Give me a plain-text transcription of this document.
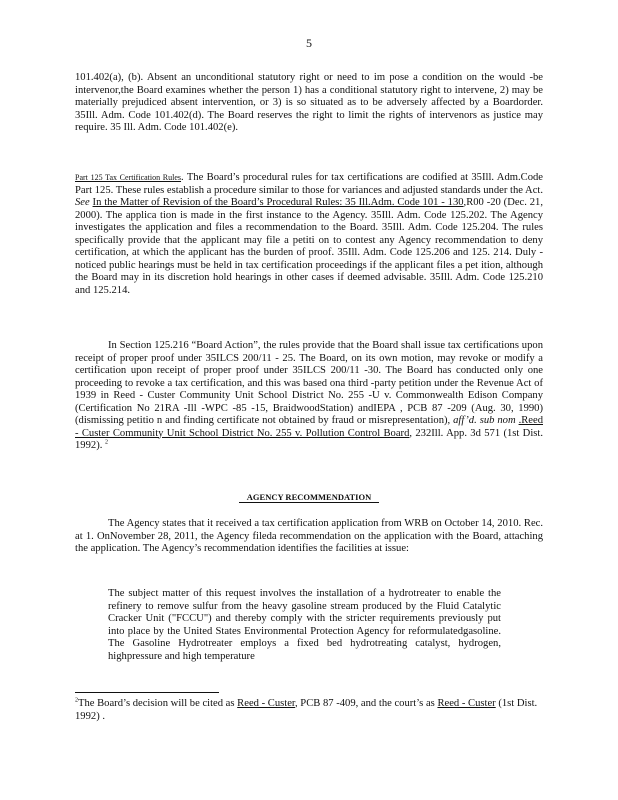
5

101.402(a), (b). Absent an unconditional statutory right or need to im pose a condition on the would -be intervenor,the Board examines whether the person 1) has a conditional statutory right to intervene, 2) may be materially prejudiced absent intervention, or 3) is so situated as to be adversely affected by a Boardorder. 35Ill. Adm. Code 101.402(d). The Board reserves the right to limit the rights of intervenors as justice may require. 35 Ill. Adm. Code 101.402(e).

Part 125 Tax Certification Rules. The Board’s procedural rules for tax certifications are codified at 35Ill. Adm.Code Part 125. These rules establish a procedure similar to those for variances and adjusted standards under the Act. See In the Matter of Revision of the Board’s Procedural Rules: 35 Ill.Adm. Code 101 - 130,R00 -20 (Dec. 21, 2000). The applica tion is made in the first instance to the Agency. 35Ill. Adm. Code 125.202. The Agency investigates the application and files a recommendation to the Board. 35Ill. Adm. Code 125.204. The rules specifically provide that the applicant may file a petiti on to contest any Agency recommendation to deny certification, at which the applicant has the burden of proof. 35Ill. Adm. Code 125.206 and 125. 214. Duly -noticed public hearings must be held in tax certification proceedings if the applicant files a pet ition, although the Board may in its discretion hold hearings in other cases if deemed advisable. 35Ill. Adm. Code 125.210 and 125.214.

In Section 125.216 “Board Action”, the rules provide that the Board shall issue tax certifications upon receipt of proper proof under 35ILCS 200/11 - 25. The Board, on its own motion, may revoke or modify a certification upon receipt of proper proof under 35ILCS 200/11 -30. The Board has conducted only one proceeding to revoke a tax certification, and this was based ona third -party petition under the Revenue Act of 1939 in Reed - Custer Community Unit School District No. 255 -U v. Commonwealth Edison Company (Certification No 21RA -Ill -WPC -85 -15, BraidwoodStation) andIEPA , PCB 87 -209 (Aug. 30, 1990) (dismissing petitio n and finding certificate not obtained by fraud or misrepresentation), aff’d. sub nom .Reed - Custer Community Unit School District No. 255 v. Pollution Control Board, 232Ill. App. 3d 571 (1st Dist. 1992). $^2$

AGENCY RECOMMENDATION

The Agency states that it received a tax certification application from WRB on October 14, 2010. Rec. at 1. OnNovember 28, 2011, the Agency fileda recommendation on the application with the Board, attaching the application. The Agency’s recommendation identifies the facilities at issue:

The subject matter of this request involves the installation of a hydrotreater to enable the refinery to remove sulfur from the heavy gasoline stream produced by the Fluid Catalytic Cracker Unit ("FCCU") and thereby comply with the stricter requirements previously put into place by the United States Environmental Protection Agency for reformulatedgasoline. The Gasoline Hydrotreater employs a fixed bed hydrotreating catalyst, hydrogen, highpressure and high temperature

$^2$The Board’s decision will be cited as Reed - Custer, PCB 87 -409, and the court’s as Reed - Custer (1st Dist. 1992) .
